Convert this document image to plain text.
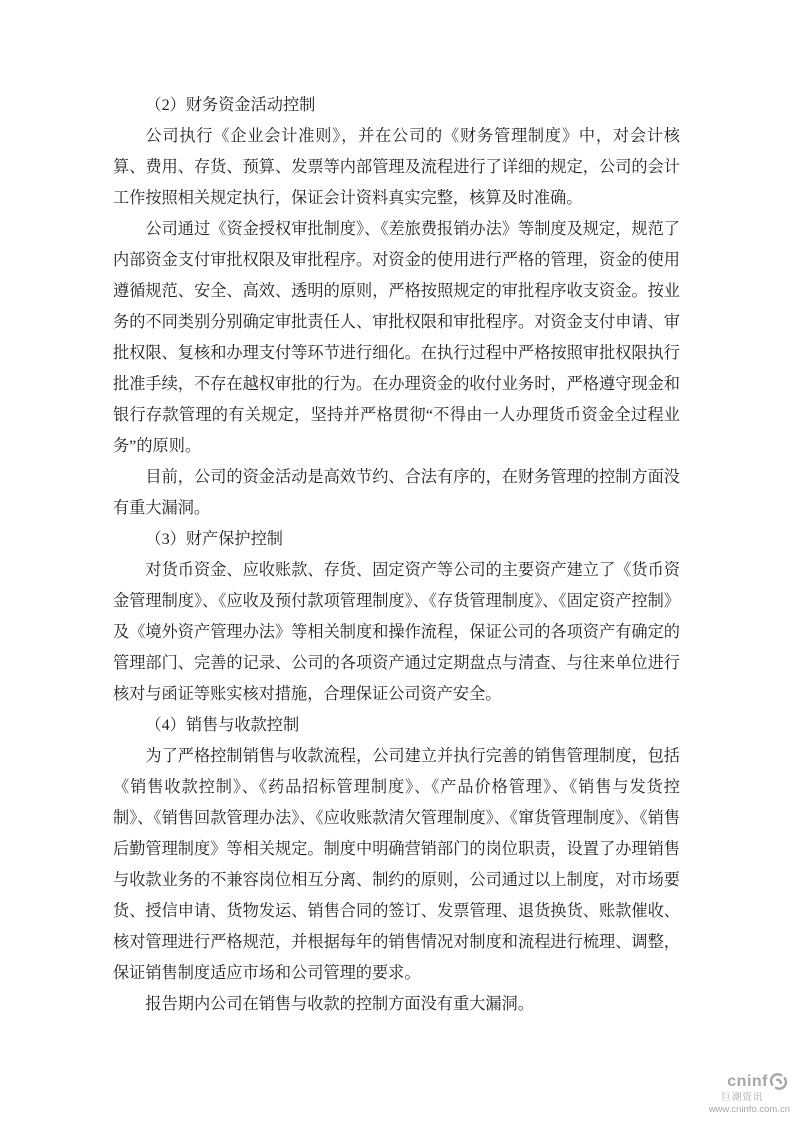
（2）财务资金活动控制

公司执行《企业会计准则》，并在公司的《财务管理制度》中，对会计核算、费用、存货、预算、发票等内部管理及流程进行了详细的规定，公司的会计工作按照相关规定执行，保证会计资料真实完整，核算及时准确。

公司通过《资金授权审批制度》、《差旅费报销办法》等制度及规定，规范了内部资金支付审批权限及审批程序。对资金的使用进行严格的管理，资金的使用遵循规范、安全、高效、透明的原则，严格按照规定的审批程序收支资金。按业务的不同类别分别确定审批责任人、审批权限和审批程序。对资金支付申请、审批权限、复核和办理支付等环节进行细化。在执行过程中严格按照审批权限执行批准手续，不存在越权审批的行为。在办理资金的收付业务时，严格遵守现金和银行存款管理的有关规定，坚持并严格贯彻“不得由一人办理货币资金全过程业务”的原则。

目前，公司的资金活动是高效节约、合法有序的，在财务管理的控制方面没有重大漏洞。

（3）财产保护控制

对货币资金、应收账款、存货、固定资产等公司的主要资产建立了《货币资金管理制度》、《应收及预付款项管理制度》、《存货管理制度》、《固定资产控制》及《境外资产管理办法》等相关制度和操作流程，保证公司的各项资产有确定的管理部门、完善的记录、公司的各项资产通过定期盘点与清查、与往来单位进行核对与函证等账实核对措施，合理保证公司资产安全。

（4）销售与收款控制

为了严格控制销售与收款流程，公司建立并执行完善的销售管理制度，包括《销售收款控制》、《药品招标管理制度》、《产品价格管理》、《销售与发货控制》、《销售回款管理办法》、《应收账款清欠管理制度》、《窜货管理制度》、《销售后勤管理制度》等相关规定。制度中明确营销部门的岗位职责，设置了办理销售与收款业务的不兼容岗位相互分离、制约的原则，公司通过以上制度，对市场要货、授信申请、货物发运、销售合同的签订、发票管理、退货换货、账款催收、核对管理进行严格规范，并根据每年的销售情况对制度和流程进行梳理、调整，保证销售制度适应市场和公司管理的要求。

报告期内公司在销售与收款的控制方面没有重大漏洞。

cninf
巨潮资讯
www.cninfo.com.cn
